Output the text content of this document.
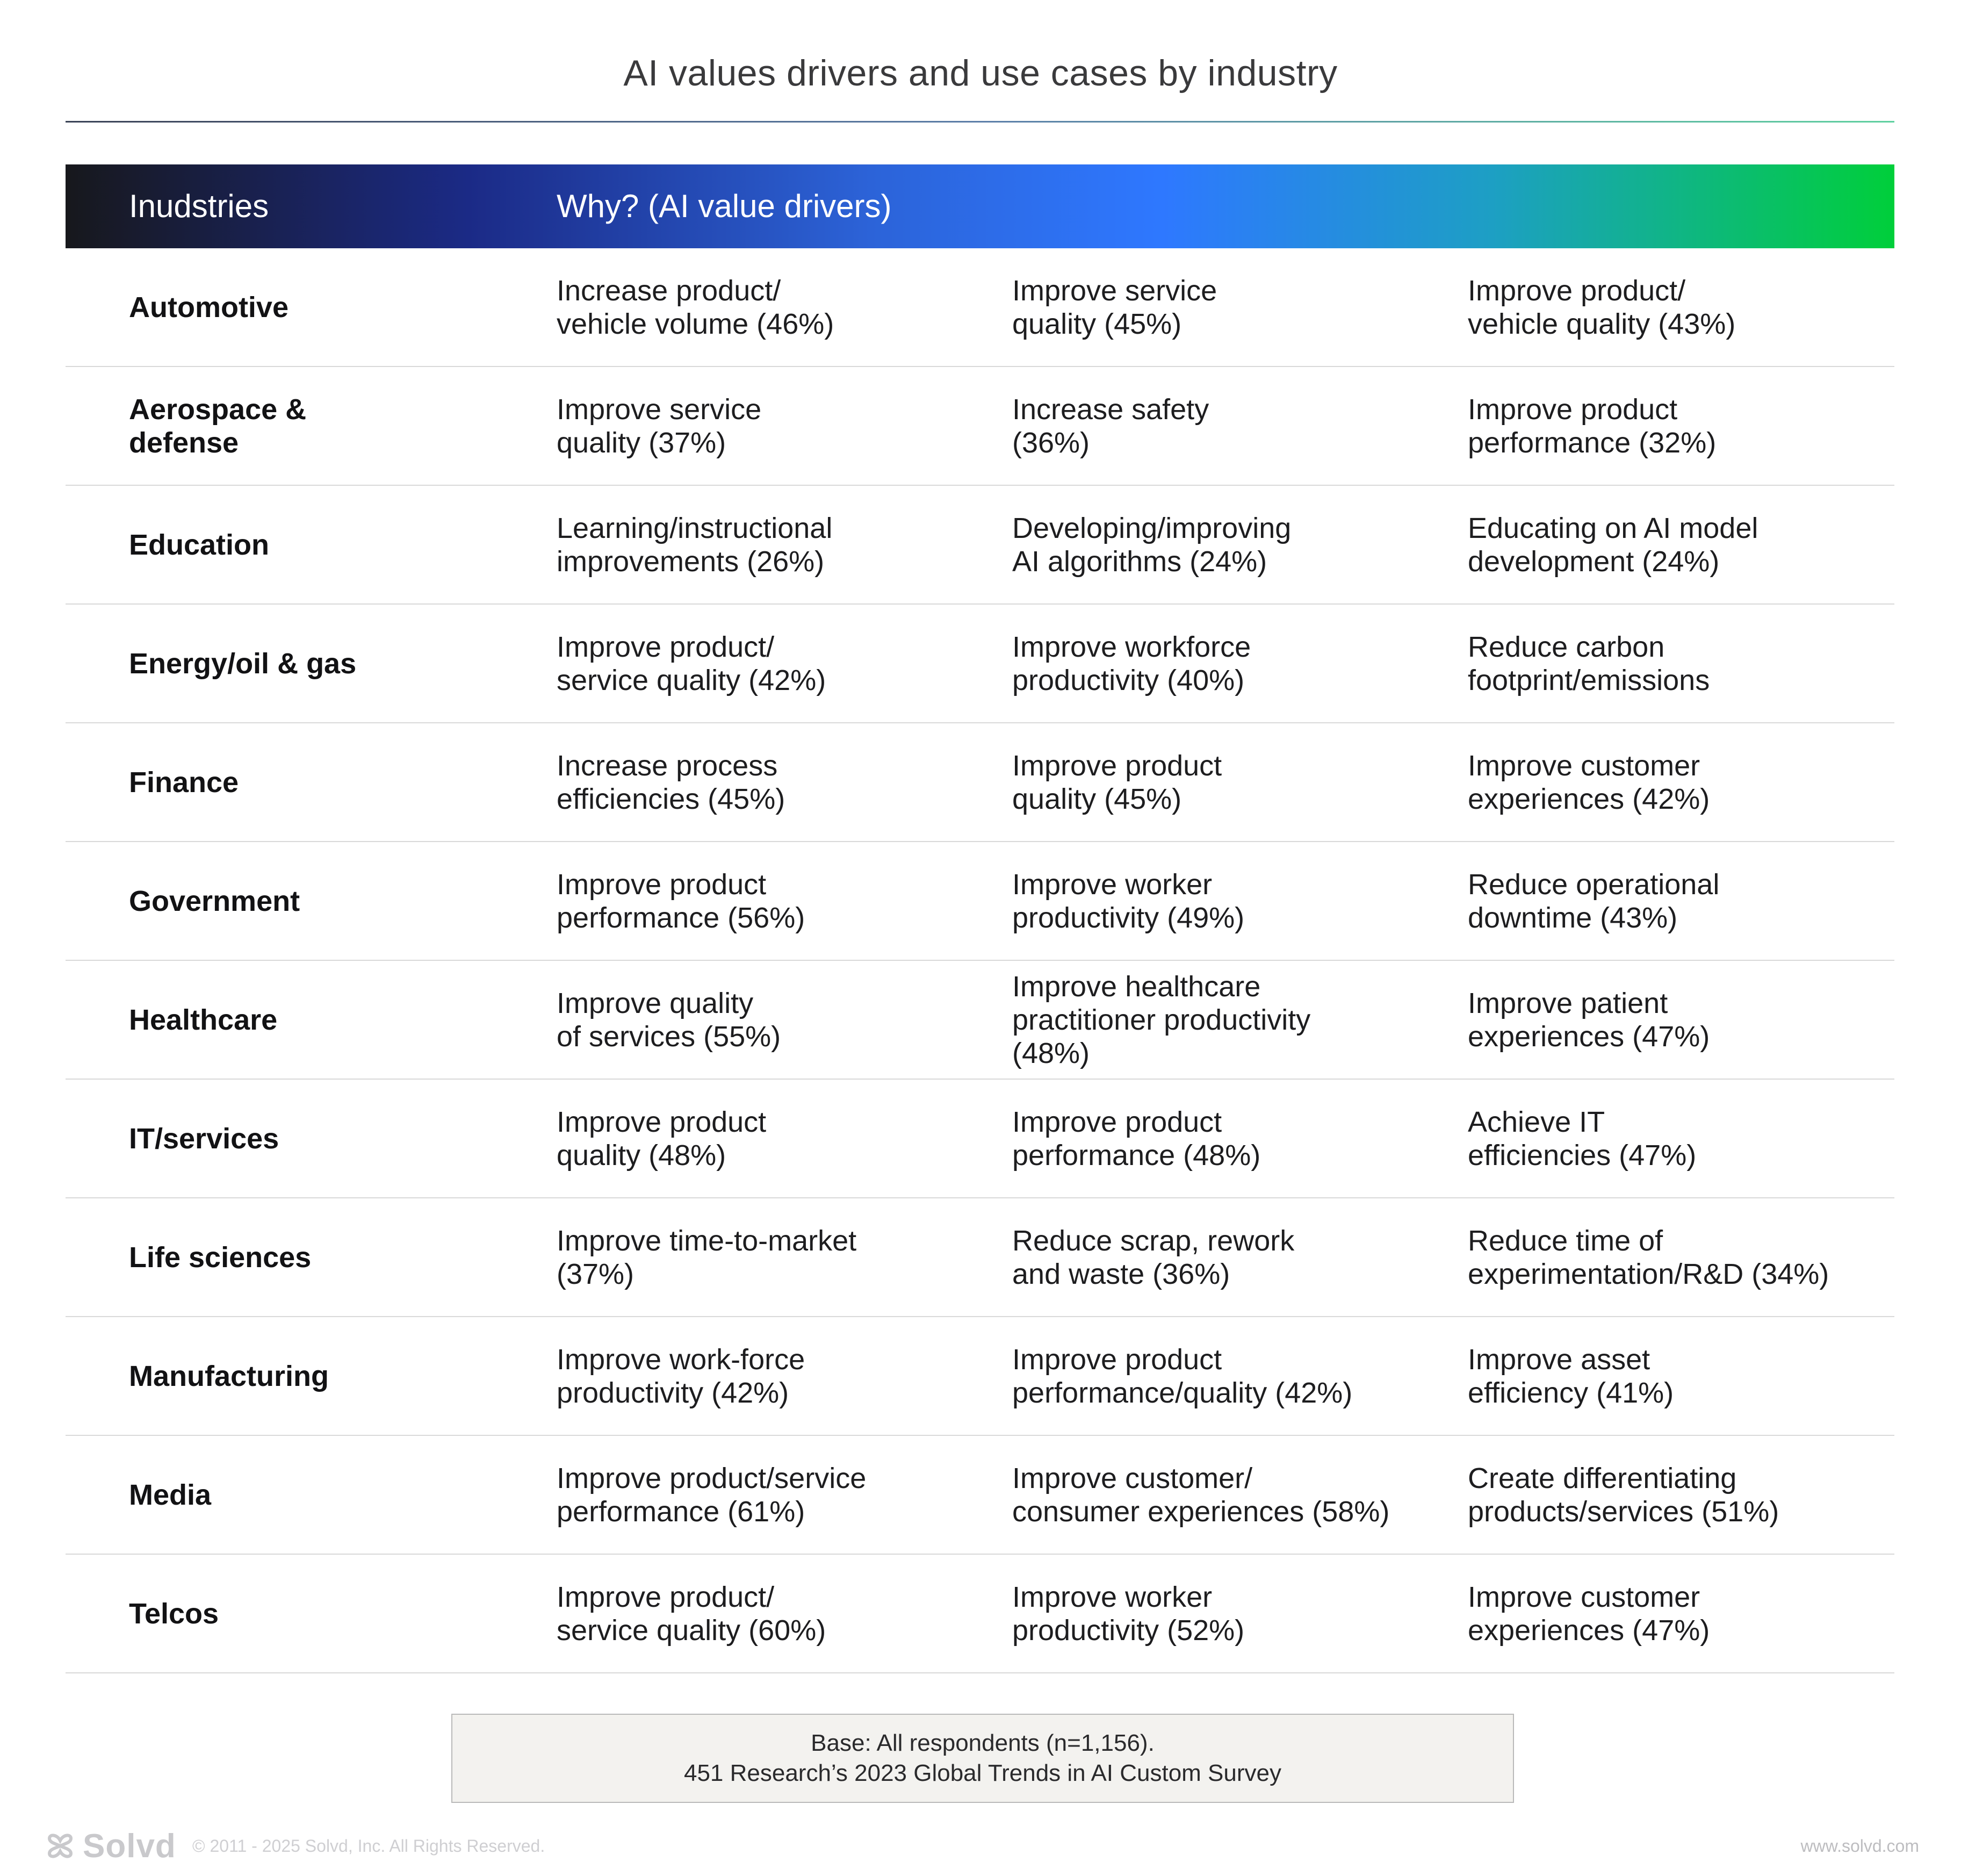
AI values drivers and use cases by industry
Inudstries	Why? (AI value drivers)
Automotive
Increase product/
vehicle volume (46%)
Improve service
quality (45%)
Improve product/
vehicle quality (43%)
Aerospace &
defense
Improve service
quality (37%)
Increase safety
(36%)
Improve product
performance (32%)
Education
Learning/instructional
improvements (26%)
Developing/improving
AI algorithms (24%)
Educating on AI model
development (24%)
Energy/oil & gas
Improve product/
service quality (42%)
Improve workforce
productivity (40%)
Reduce carbon
footprint/emissions
Finance
Increase process
efficiencies (45%)
Improve product
quality (45%)
Improve customer
experiences (42%)
Government
Improve product
performance (56%)
Improve worker
productivity (49%)
Reduce operational
downtime (43%)
Healthcare
Improve quality
of services (55%)
Improve healthcare
practitioner productivity
(48%)
Improve patient
experiences (47%)
IT/services
Improve product
quality (48%)
Improve product
performance (48%)
Achieve IT
efficiencies (47%)
Life sciences
Improve time-to-market
(37%)
Reduce scrap, rework
and waste (36%)
Reduce time of
experimentation/R&D (34%)
Manufacturing
Improve work-force
productivity (42%)
Improve product
performance/quality (42%)
Improve asset
efficiency (41%)
Media
Improve product/service
performance (61%)
Improve customer/
consumer experiences (58%)
Create differentiating
products/services (51%)
Telcos
Improve product/
service quality (60%)
Improve worker
productivity (52%)
Improve customer
experiences (47%)
Base: All respondents (n=1,156).
451 Research’s 2023 Global Trends in AI Custom Survey
Solvd © 2011 - 2025 Solvd, Inc. All Rights Reserved.	www.solvd.com
